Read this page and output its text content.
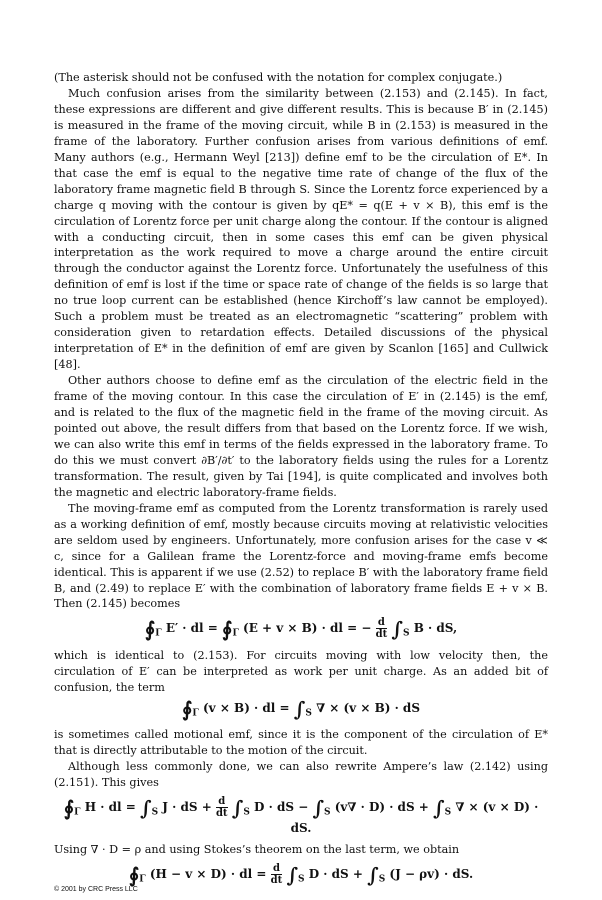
(The asterisk should not be confused with the notation for complex conjugate.)

Much confusion arises from the similarity between (2.153) and (2.145). In fact, these expressions are different and give different results. This is because B′ in (2.145) is measured in the frame of the moving circuit, while B in (2.153) is measured in the frame of the laboratory. Further confusion arises from various definitions of emf. Many authors (e.g., Hermann Weyl [213]) define emf to be the circulation of E*. In that case the emf is equal to the negative time rate of change of the flux of the laboratory frame magnetic field B through S. Since the Lorentz force experienced by a charge q moving with the contour is given by qE* = q(E + v × B), this emf is the circulation of Lorentz force per unit charge along the contour. If the contour is aligned with a conducting circuit, then in some cases this emf can be given physical interpretation as the work required to move a charge around the entire circuit through the conductor against the Lorentz force. Unfortunately the usefulness of this definition of emf is lost if the time or space rate of change of the fields is so large that no true loop current can be established (hence Kirchoff’s law cannot be employed). Such a problem must be treated as an electromagnetic “scattering” problem with consideration given to retardation effects. Detailed discussions of the physical interpretation of E* in the definition of emf are given by Scanlon [165] and Cullwick [48].

Other authors choose to define emf as the circulation of the electric field in the frame of the moving contour. In this case the circulation of E′ in (2.145) is the emf, and is related to the flux of the magnetic field in the frame of the moving circuit. As pointed out above, the result differs from that based on the Lorentz force. If we wish, we can also write this emf in terms of the fields expressed in the laboratory frame. To do this we must convert ∂B′/∂t′ to the laboratory fields using the rules for a Lorentz transformation. The result, given by Tai [194], is quite complicated and involves both the magnetic and electric laboratory-frame fields.

The moving-frame emf as computed from the Lorentz transformation is rarely used as a working definition of emf, mostly because circuits moving at relativistic velocities are seldom used by engineers. Unfortunately, more confusion arises for the case v ≪ c, since for a Galilean frame the Lorentz-force and moving-frame emfs become identical. This is apparent if we use (2.52) to replace B′ with the laboratory frame field B, and (2.49) to replace E′ with the combination of laboratory frame fields E + v × B. Then (2.145) becomes

$∮_\Gamma$ E′ · dl = $∮_\Gamma$ (E + v × B) · dl = − $\frac{d}{dt} \int_S$ B · dS,

which is identical to (2.153). For circuits moving with low velocity then, the circulation of E′ can be interpreted as work per unit charge. As an added bit of confusion, the term

$∮_\Gamma$ (v × B) · dl = $\int_S$ ∇ × (v × B) · dS

is sometimes called motional emf, since it is the component of the circulation of E* that is directly attributable to the motion of the circuit.

Although less commonly done, we can also rewrite Ampere’s law (2.142) using (2.151). This gives

$∮_\Gamma$ H · dl = $\int_S$ J · dS + $\frac{d}{dt} \int_S$ D · dS − $\int_S$ (v∇ · D) · dS + $\int_S$ ∇ × (v × D) · dS.

Using ∇ · D = ρ and using Stokes’s theorem on the last term, we obtain

$∮_\Gamma$ (H − v × D) · dl = $\frac{d}{dt} \int_S$ D · dS + $\int_S$ (J − ρv) · dS.
© 2001 by CRC Press LLC
